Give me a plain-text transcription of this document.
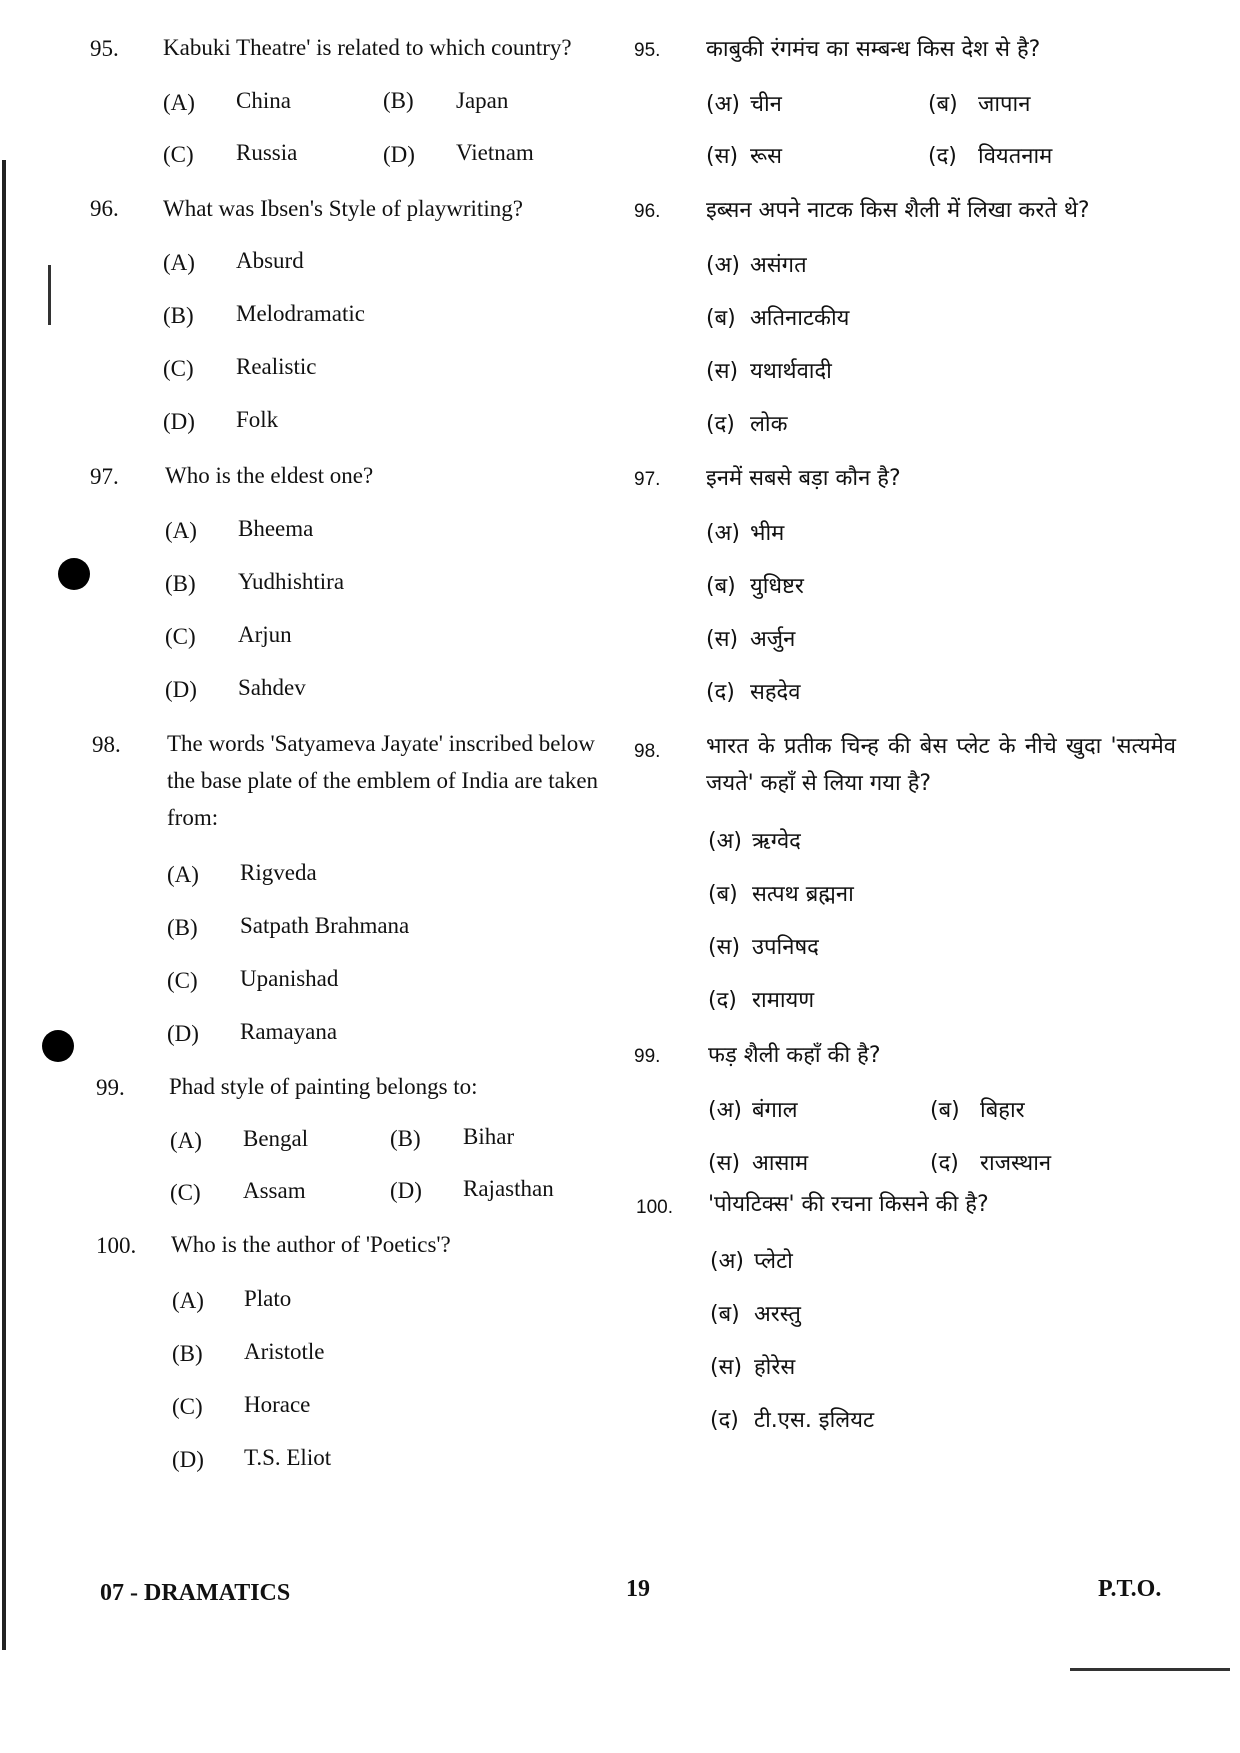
95. Kabuki Theatre' is related to which country?
(A) China	(B) Japan
(C) Russia	(D) Vietnam
96. What was Ibsen's Style of playwriting?
(A) Absurd
(B) Melodramatic
(C) Realistic
(D) Folk
97. Who is the eldest one?
(A) Bheema
(B) Yudhishtira
(C) Arjun
(D) Sahdev
98. The words 'Satyameva Jayate' inscribed below the base plate of the emblem of India are taken from:
(A) Rigveda
(B) Satpath Brahmana
(C) Upanishad
(D) Ramayana
99. Phad style of painting belongs to:
(A) Bengal	(B) Bihar
(C) Assam	(D) Rajasthan
100. Who is the author of 'Poetics'?
(A) Plato
(B) Aristotle
(C) Horace
(D) T.S. Eliot
95. काबुकी रंगमंच का सम्बन्ध किस देश से है?
(अ) चीन	(ब) जापान
(स) रूस	(द) वियतनाम
96. इब्सन अपने नाटक किस शैली में लिखा करते थे?
(अ) असंगत
(ब) अतिनाटकीय
(स) यथार्थवादी
(द) लोक
97. इनमें सबसे बड़ा कौन है?
(अ) भीम
(ब) युधिष्टर
(स) अर्जुन
(द) सहदेव
98. भारत के प्रतीक चिन्ह की बेस प्लेट के नीचे खुदा 'सत्यमेव जयते' कहाँ से लिया गया है?
(अ) ऋग्वेद
(ब) सत्पथ ब्रह्मना
(स) उपनिषद
(द) रामायण
99. फड़ शैली कहाँ की है?
(अ) बंगाल	(ब) बिहार
(स) आसाम	(द) राजस्थान
100. 'पोयटिक्स' की रचना किसने की है?
(अ) प्लेटो
(ब) अरस्तु
(स) होरेस
(द) टी.एस. इलियट
07 - DRAMATICS	19	P.T.O.
